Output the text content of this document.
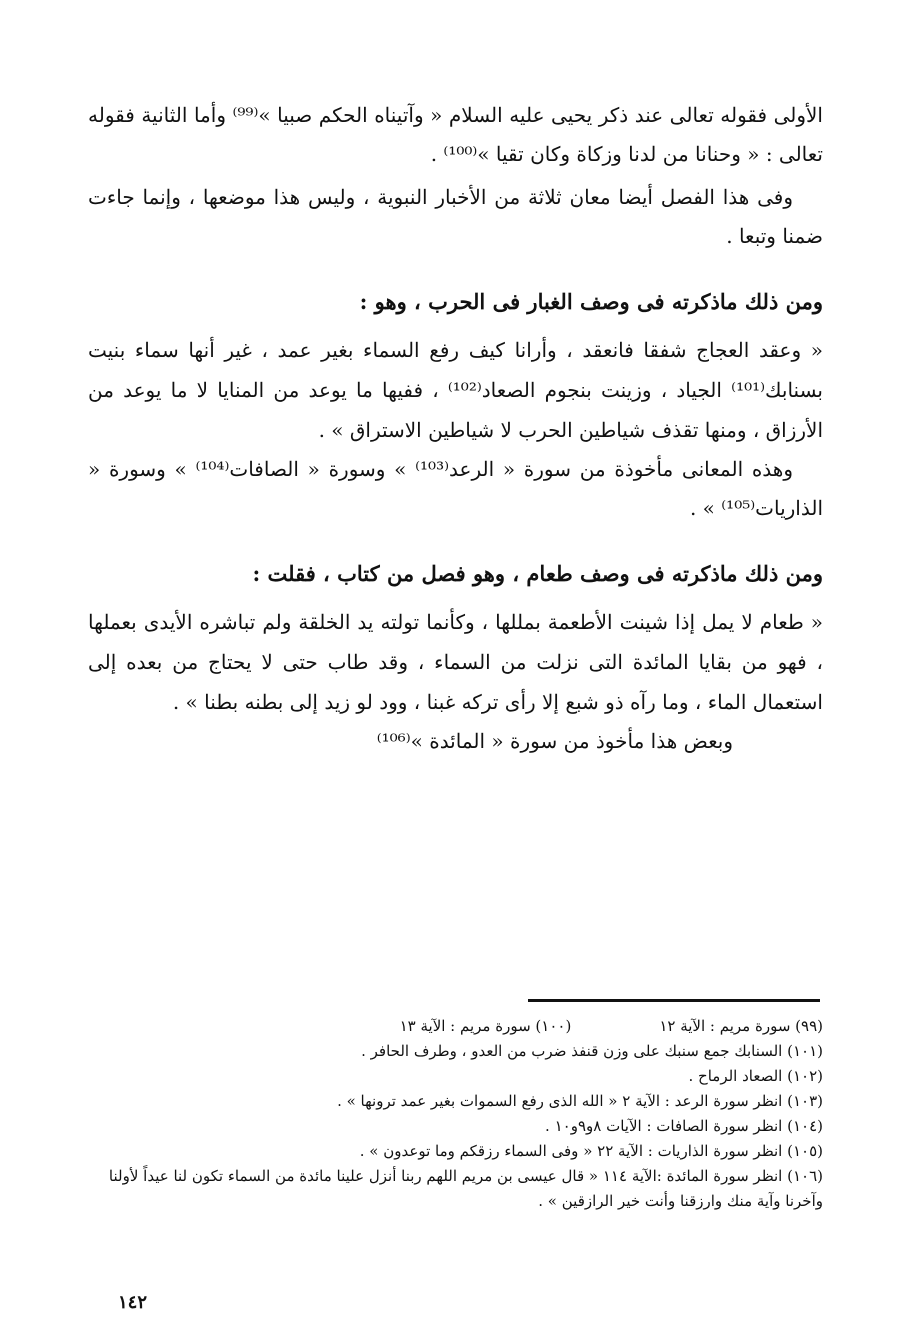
الأولى فقوله تعالى عند ذكر يحيى عليه السلام « وآتيناه الحكم صبيا »⁽⁹⁹⁾ وأما الثانية فقوله تعالى : « وحنانا من لدنا وزكاة وكان تقيا »⁽¹⁰⁰⁾ .

وفى هذا الفصل أيضا معان ثلاثة من الأخبار النبوية ، وليس هذا موضعها ، وإنما جاءت ضمنا وتبعا .

ومن ذلك ماذكرته فى وصف الغبار فى الحرب ، وهو :

« وعقد العجاج شفقا فانعقد ، وأرانا كيف رفع السماء بغير عمد ، غير أنها سماء بنيت بسنابك⁽¹⁰¹⁾ الجياد ، وزينت بنجوم الصعاد⁽¹⁰²⁾ ، ففيها ما يوعد من المنايا لا ما يوعد من الأرزاق ، ومنها تقذف شياطين الحرب لا شياطين الاستراق » .

وهذه المعانى مأخوذة من سورة « الرعد⁽¹⁰³⁾ » وسورة « الصافات⁽¹⁰⁴⁾ » وسورة « الذاريات⁽¹⁰⁵⁾ » .

ومن ذلك ماذكرته فى وصف طعام ، وهو فصل من كتاب ، فقلت :

« طعام لا يمل إذا شينت الأطعمة بمللها ، وكأنما تولته يد الخلقة ولم تباشره الأيدى بعملها ، فهو من بقايا المائدة التى نزلت من السماء ، وقد طاب حتى لا يحتاج من بعده إلى استعمال الماء ، وما رآه ذو شبع إلا رأى تركه غبنا ، وود لو زيد إلى بطنه بطنا » .

وبعض هذا مأخوذ من سورة « المائدة »⁽¹⁰⁶⁾

(٩٩) سورة مريم : الآية ١٢

(١٠٠) سورة مريم : الآية ١٣

(١٠١) السنابك جمع سنبك على وزن قنفذ ضرب من العدو ، وطرف الحافر .

(١٠٢) الصعاد الرماح .

(١٠٣) انظر سورة الرعد : الآية ٢ « الله الذى رفع السموات بغير عمد ترونها » .

(١٠٤) انظر سورة الصافات : الآيات ٨و٩و١٠ .

(١٠٥) انظر سورة الذاريات : الآية ٢٢ « وفى السماء رزقكم وما توعدون » .

(١٠٦) انظر سورة المائدة :الآية ١١٤ « قال عيسى بن مريم اللهم ربنا أنزل علينا مائدة من السماء تكون لنا عيداً لأولنا وآخرنا وآية منك وارزقنا وأنت خير الرازقين » .

١٤٢
